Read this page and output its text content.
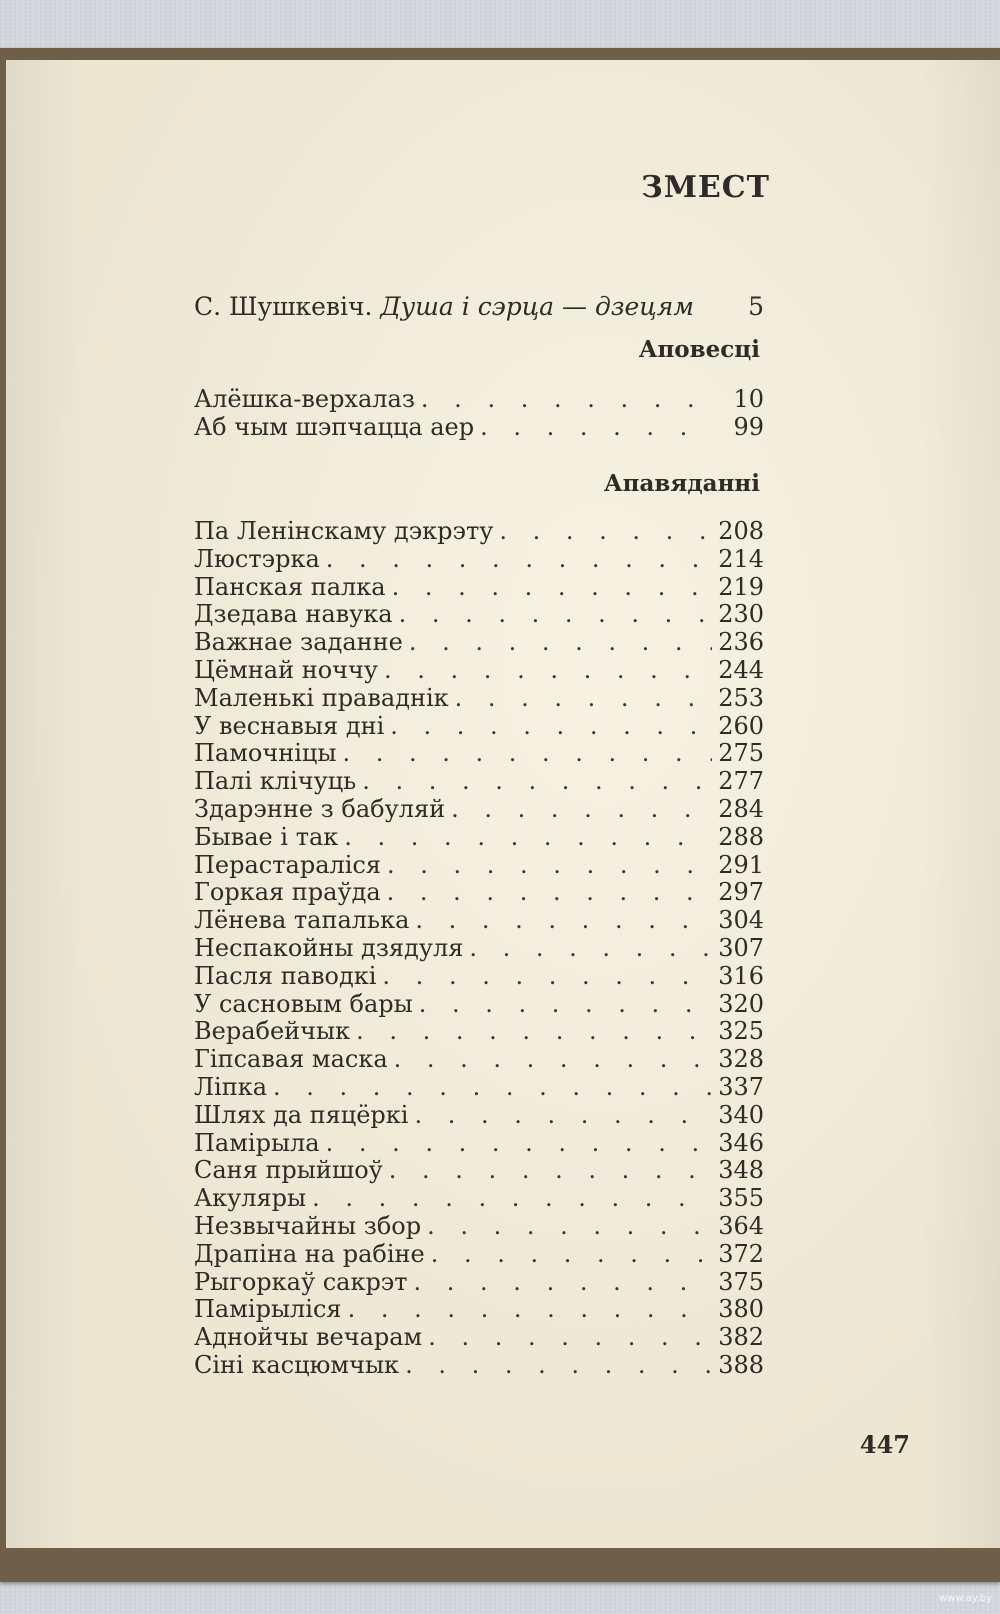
ЗМЕСТ
С. Шушкевіч. Душа і сэрца — дзецям 5
Аповесці
Алёшка-верхалаз . . .	10
Аб чым шэпчацца аер . . .	99
Апавяданні
Па Ленінскаму дэкрэту . . .	208
Люстэрка . . .	214
Панская палка . . .	219
Дзедава навука . . .	230
Важнае заданне . . .	236
Цёмнай ноччу . . .	244
Маленькі праваднік . . .	253
У веснавыя дні . . .	260
Памочніцы . . .	275
Палі клічуць . . .	277
Здарэнне з бабуляй . . .	284
Бывае і так . . .	288
Перастараліся . . .	291
Горкая праўда . . .	297
Лёнева тапалька . . .	304
Неспакойны дзядуля . . .	307
Пасля паводкі . . .	316
У сасновым бары . . .	320
Верабейчык . . .	325
Гіпсавая маска . . .	328
Ліпка . . .	337
Шлях да пяцёркі . . .	340
Памірыла . . .	346
Саня прыйшоў . . .	348
Акуляры . . .	355
Незвычайны збор . . .	364
Драпіна на рабіне . . .	372
Рыгоркаў сакрэт . . .	375
Памірыліся . . .	380
Аднойчы вечарам . . .	382
Сіні касцюмчык . . .	388
447
www.ay.by
